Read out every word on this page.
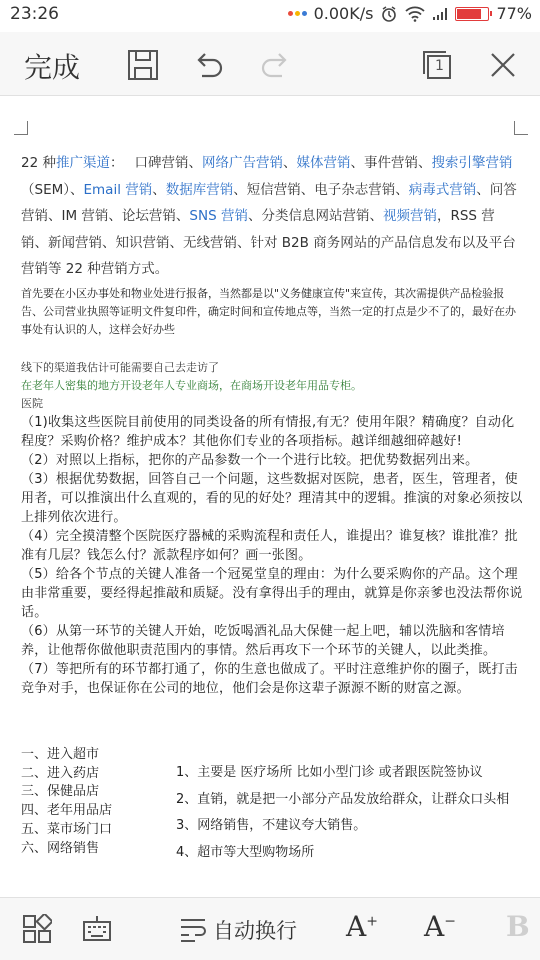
23:26	0.00K/s	77%
完成	1
22 种推广渠道：　 口碑营销、网络广告营销、媒体营销、事件营销、搜索引擎营销（SEM）、Email 营销、数据库营销、短信营销、电子杂志营销、病毒式营销、问答营销、IM 营销、论坛营销、SNS 营销、分类信息网站营销、视频营销，RSS 营销、新闻营销、知识营销、无线营销、针对 B2B 商务网站的产品信息发布以及平台营销等 22 种营销方式。
首先要在小区办事处和物业处进行报备，当然都是以"义务健康宣传"来宣传，其次需提供产品检验报告、公司营业执照等证明文件复印件，确定时间和宣传地点等，当然一定的打点是少不了的，最好在办事处有认识的人，这样会好办些
线下的渠道我估计可能需要自己去走访了
在老年人密集的地方开设老年人专业商场，在商场开设老年用品专柜。
医院
（1)收集这些医院目前使用的同类设备的所有情报,有无？使用年限？精确度？自动化程度？采购价格？维护成本？其他你们专业的各项指标。越详细越细碎越好!
（2）对照以上指标，把你的产品参数一个一个进行比较。把优势数据列出来。
（3）根据优势数据，回答自己一个问题，这些数据对医院，患者，医生，管理者，使用者，可以推演出什么直观的，看的见的好处？理清其中的逻辑。推演的对象必须按以上排列依次进行。
（4）完全摸清整个医院医疗器械的采购流程和责任人，谁提出？谁复核？谁批准？批准有几层？钱怎么付？派款程序如何？画一张图。
（5）给各个节点的关键人准备一个冠冕堂皇的理由：为什么要采购你的产品。这个理由非常重要，要经得起推敲和质疑。没有拿得出手的理由，就算是你亲爹也没法帮你说话。
（6）从第一环节的关键人开始，吃饭喝酒礼品大保健一起上吧，辅以洗脑和客情培养，让他帮你做他职责范围内的事情。然后再攻下一个环节的关键人，以此类推。
（7）等把所有的环节都打通了，你的生意也做成了。平时注意维护你的圈子，既打击竞争对手，也保证你在公司的地位，他们会是你这辈子源源不断的财富之源。
一、进入超市
二、进入药店
三、保健品店
四、老年用品店
五、菜市场门口
六、网络销售
1、主要是 医疗场所 比如小型门诊 或者跟医院签协议
2、直销，就是把一小部分产品发放给群众，让群众口头相
3、网络销售，不建议夸大销售。
4、超市等大型购物场所
自动换行 A+ A− B
